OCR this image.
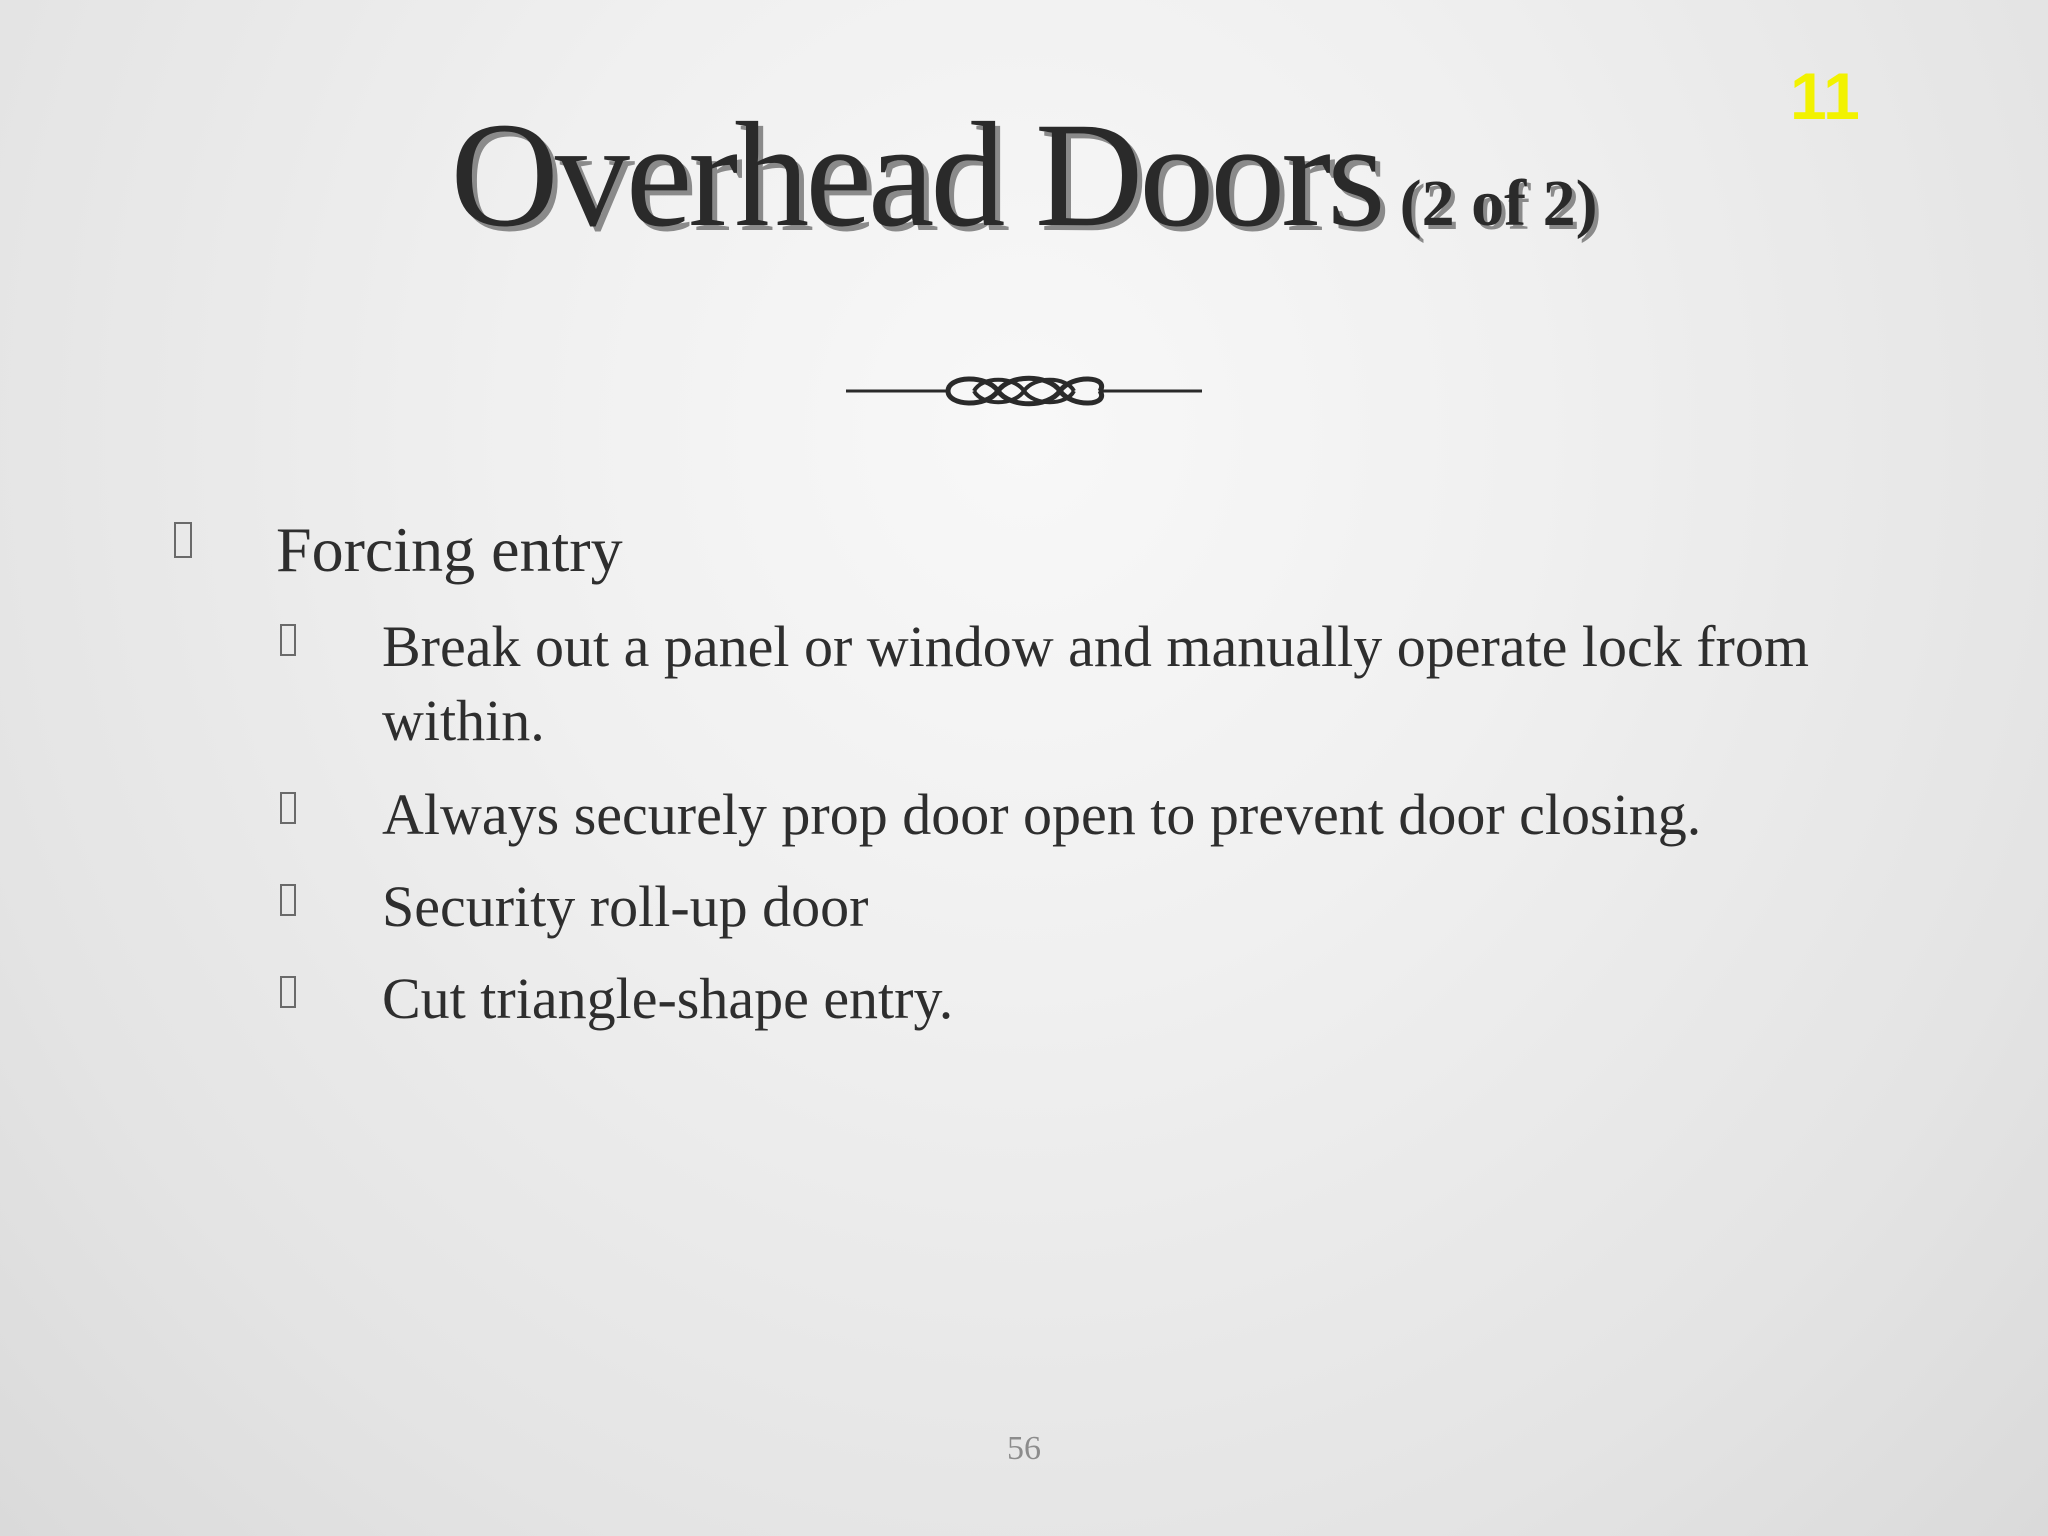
11
Overhead Doors (2 of 2)
Forcing entry
Break out a panel or window and manually operate lock from within.
Always securely prop door open to prevent door closing.
Security roll-up door
Cut triangle-shape entry.
56
